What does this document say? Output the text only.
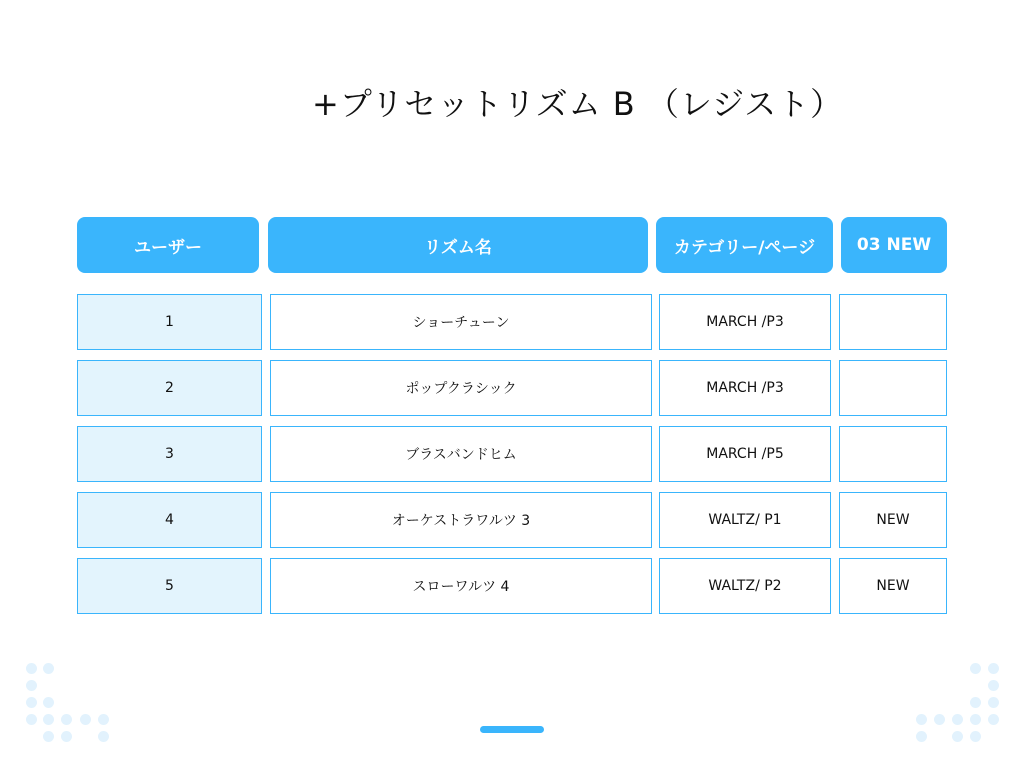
+プリセットリズム B （レジスト）
ユーザー	リズム名	カテゴリー/ページ	03 NEW
1	ショーチューン	MARCH /P3
2	ポップクラシック	MARCH /P3
3	ブラスバンドヒム	MARCH /P5
4	オーケストラワルツ 3	WALTZ/ P1	NEW
5	スローワルツ 4	WALTZ/ P2	NEW
